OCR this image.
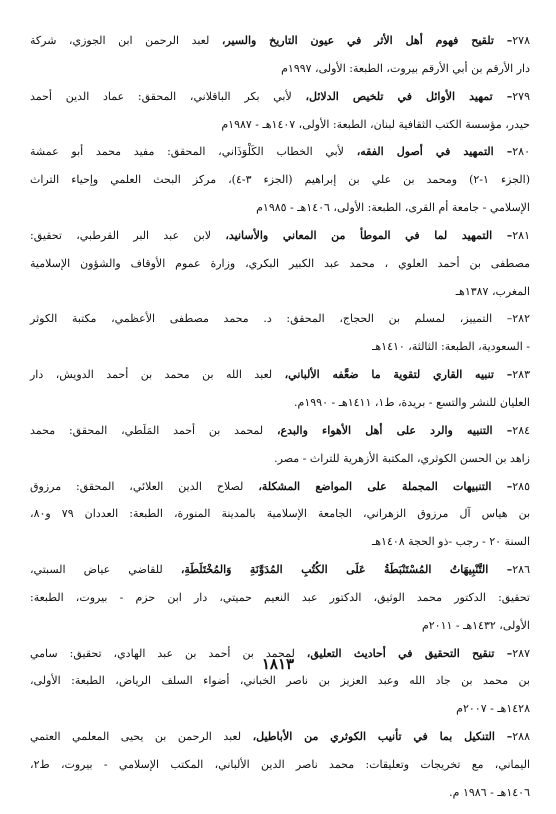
٢٧٨– تلقيح فهوم أهل الأثر في عيون التاريخ والسير، لعبد الرحمن ابن الجوزي، شركة
دار الأرقم بن أبي الأرقم بيروت، الطبعة: الأولى، ١٩٩٧م
٢٧٩– تمهيد الأوائل في تلخيص الدلائل، لأبي بكر الباقلاني، المحقق: عماد الدين أحمد
حيدر، مؤسسة الكتب الثقافية لبنان، الطبعة: الأولى، ١٤٠٧هـ - ١٩٨٧م
٢٨٠– التمهيد في أصول الفقه، لأبي الخطاب الكَلْوَذَاني، المحقق: مفيد محمد أبو عمشة
(الجزء ١-٢) ومحمد بن علي بن إبراهيم (الجزء ٣-٤)، مركز البحث العلمي وإحياء التراث
الإسلامي - جامعة أم القرى، الطبعة: الأولى، ١٤٠٦هـ - ١٩٨٥م
٢٨١– التمهيد لما في الموطأ من المعاني والأسانيد، لابن عبد البر القرطبي، تحقيق:
مصطفى بن أحمد العلوي ، محمد عبد الكبير البكري، وزارة عموم الأوقاف والشؤون الإسلامية
المغرب، ١٣٨٧هـ
٢٨٢– التمييز، لمسلم بن الحجاج، المحقق: د. محمد مصطفى الأعظمي، مكتبة الكوثر
- السعودية، الطبعة: الثالثة، ١٤١٠هـ
٢٨٣– تنبيه القاري لتقوية ما ضعَّفه الألباني، لعبد الله بن محمد بن أحمد الدويش، دار
العليان للنشر والتسع - بريدة، ط١، ١٤١١هـ - ١٩٩٠م.
٢٨٤– التنبيه والرد على أهل الأهواء والبدع، لمحمد بن أحمد المَلَطي، المحقق: محمد
زاهد بن الحسن الكوثري، المكتبة الأزهرية للتراث - مصر.
٢٨٥– التنبيهات المجملة على المواضع المشكلة، لصلاح الدين العلائي، المحقق: مرزوق
بن هياس آل مرزوق الزهراني، الجامعة الإسلامية بالمدينة المنورة، الطبعة: العددان ٧٩ و٨٠،
السنة ٢٠ - رجب -ذو الحجة ١٤٠٨هـ
٢٨٦– التَّنْبِيهَاتُ المُسْتَنْبَطَةُ عَلَى الكُتُبِ المُدَوَّنَةِ وَالمُخْتَلَطَةِ، للقاضي عياض السبتي،
تحقيق: الدكتور محمد الوثيق، الدكتور عبد النعيم حميتي، دار ابن حزم - بيروت، الطبعة:
الأولى، ١٤٣٢هـ - ٢٠١١م
٢٨٧– تنقيح التحقيق في أحاديث التعليق، لمحمد بن أحمد بن عبد الهادي، تحقيق: سامي
بن محمد بن جاد الله وعبد العزيز بن ناصر الخباني، أضواء السلف الرياض، الطبعة: الأولى،
١٤٢٨هـ - ٢٠٠٧م
٢٨٨– التنكيل بما في تأنيب الكوثري من الأباطيل، لعبد الرحمن بن يحيى المعلمي العتمي
اليماني، مع تخريجات وتعليقات: محمد ناصر الدين الألباني، المكتب الإسلامي - بيروت، ط٢،
١٤٠٦هـ - ١٩٨٦ م.
١٨١٣
